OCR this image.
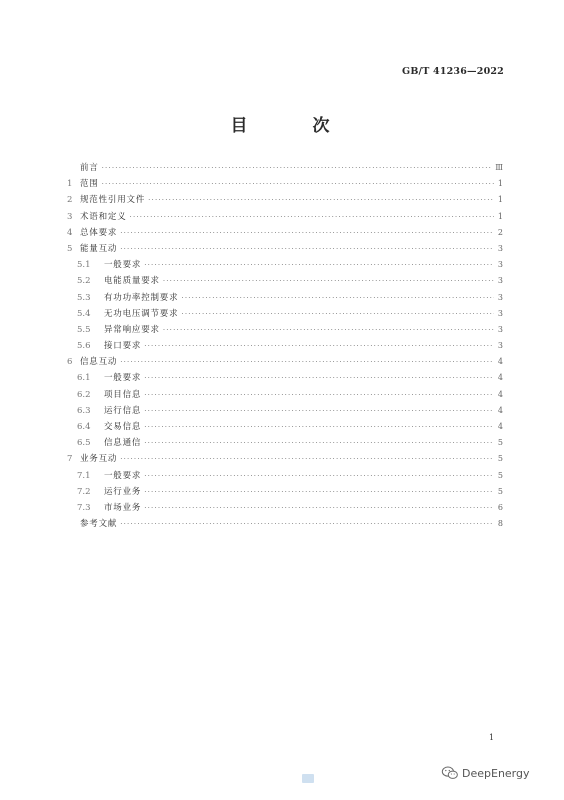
GB/T 41236—2022
目　次
前言 ·····	Ⅲ
1 范围 ·····	1
2 规范性引用文件 ·····	1
3 术语和定义 ·····	1
4 总体要求 ·····	2
5 能量互动 ·····	3
5.1	一般要求 ·····	3
5.2	电能质量要求 ·····	3
5.3	有功功率控制要求 ·····	3
5.4	无功电压调节要求 ·····	3
5.5	异常响应要求 ·····	3
5.6	接口要求 ·····	3
6 信息互动 ·····	4
6.1	一般要求 ·····	4
6.2	项目信息 ·····	4
6.3	运行信息 ·····	4
6.4	交易信息 ·····	4
6.5	信息通信 ·····	5
7 业务互动 ·····	5
7.1	一般要求 ·····	5
7.2	运行业务 ·····	5
7.3	市场业务 ·····	6
参考文献 ·····	8
1
DeepEnergy
